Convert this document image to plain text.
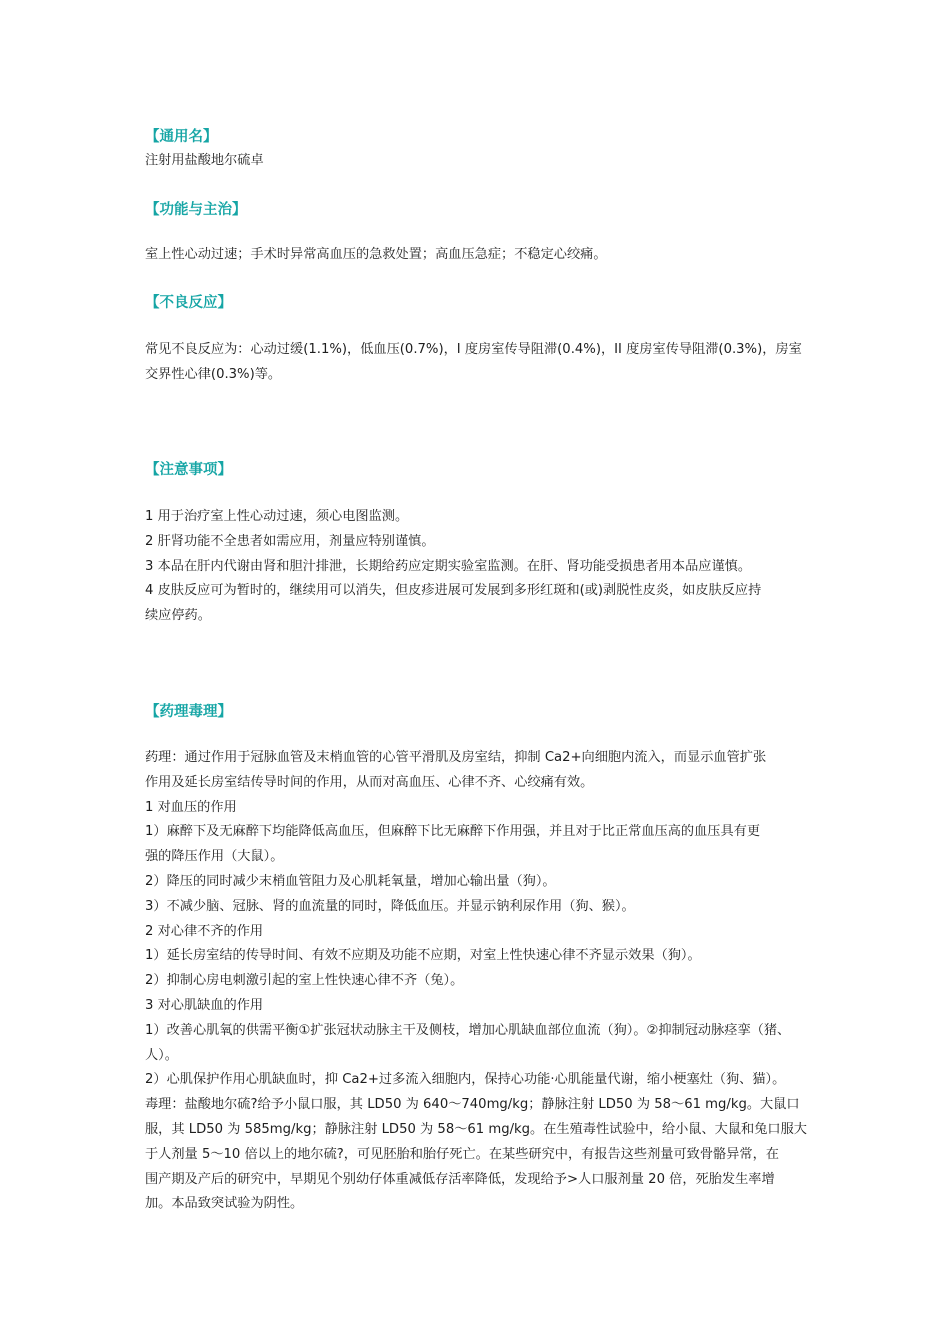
【通用名】
注射用盐酸地尔硫卓
【功能与主治】
室上性心动过速；手术时异常高血压的急救处置；高血压急症；不稳定心绞痛。
【不良反应】
常见不良反应为：心动过缓(1.1%)，低血压(0.7%)，I 度房室传导阻滞(0.4%)，II 度房室传导阻滞(0.3%)，房室
交界性心律(0.3%)等。
【注意事项】
1 用于治疗室上性心动过速，须心电图监测。
2 肝肾功能不全患者如需应用，剂量应特别谨慎。
3 本品在肝内代谢由肾和胆汁排泄，长期给药应定期实验室监测。在肝、肾功能受损患者用本品应谨慎。
4 皮肤反应可为暂时的，继续用可以消失，但皮疹进展可发展到多形红斑和(或)剥脱性皮炎，如皮肤反应持
续应停药。
【药理毒理】
药理：通过作用于冠脉血管及末梢血管的心管平滑肌及房室结，抑制 Ca2+向细胞内流入，而显示血管扩张
作用及延长房室结传导时间的作用，从而对高血压、心律不齐、心绞痛有效。
1 对血压的作用
1）麻醉下及无麻醉下均能降低高血压，但麻醉下比无麻醉下作用强，并且对于比正常血压高的血压具有更
强的降压作用（大鼠）。
2）降压的同时减少末梢血管阻力及心肌耗氧量，增加心输出量（狗）。
3）不减少脑、冠脉、肾的血流量的同时，降低血压。并显示钠利尿作用（狗、猴）。
2 对心律不齐的作用
1）延长房室结的传导时间、有效不应期及功能不应期，对室上性快速心律不齐显示效果（狗）。
2）抑制心房电刺激引起的室上性快速心律不齐（兔）。
3 对心肌缺血的作用
1）改善心肌氧的供需平衡①扩张冠状动脉主干及侧枝，增加心肌缺血部位血流（狗）。②抑制冠动脉痉挛（猪、
人）。
2）心肌保护作用心肌缺血时，抑 Ca2+过多流入细胞内，保持心功能·心肌能量代谢，缩小梗塞灶（狗、猫）。
毒理：盐酸地尔硫?给予小鼠口服，其 LD50 为 640～740mg/kg；静脉注射 LD50 为 58～61 mg/kg。大鼠口
服，其 LD50 为 585mg/kg；静脉注射 LD50 为 58～61 mg/kg。在生殖毒性试验中，给小鼠、大鼠和兔口服大
于人剂量 5～10 倍以上的地尔硫?，可见胚胎和胎仔死亡。在某些研究中，有报告这些剂量可致骨骼异常，在
围产期及产后的研究中，早期见个别幼仔体重减低存活率降低，发现给予>人口服剂量 20 倍，死胎发生率增
加。本品致突试验为阴性。
